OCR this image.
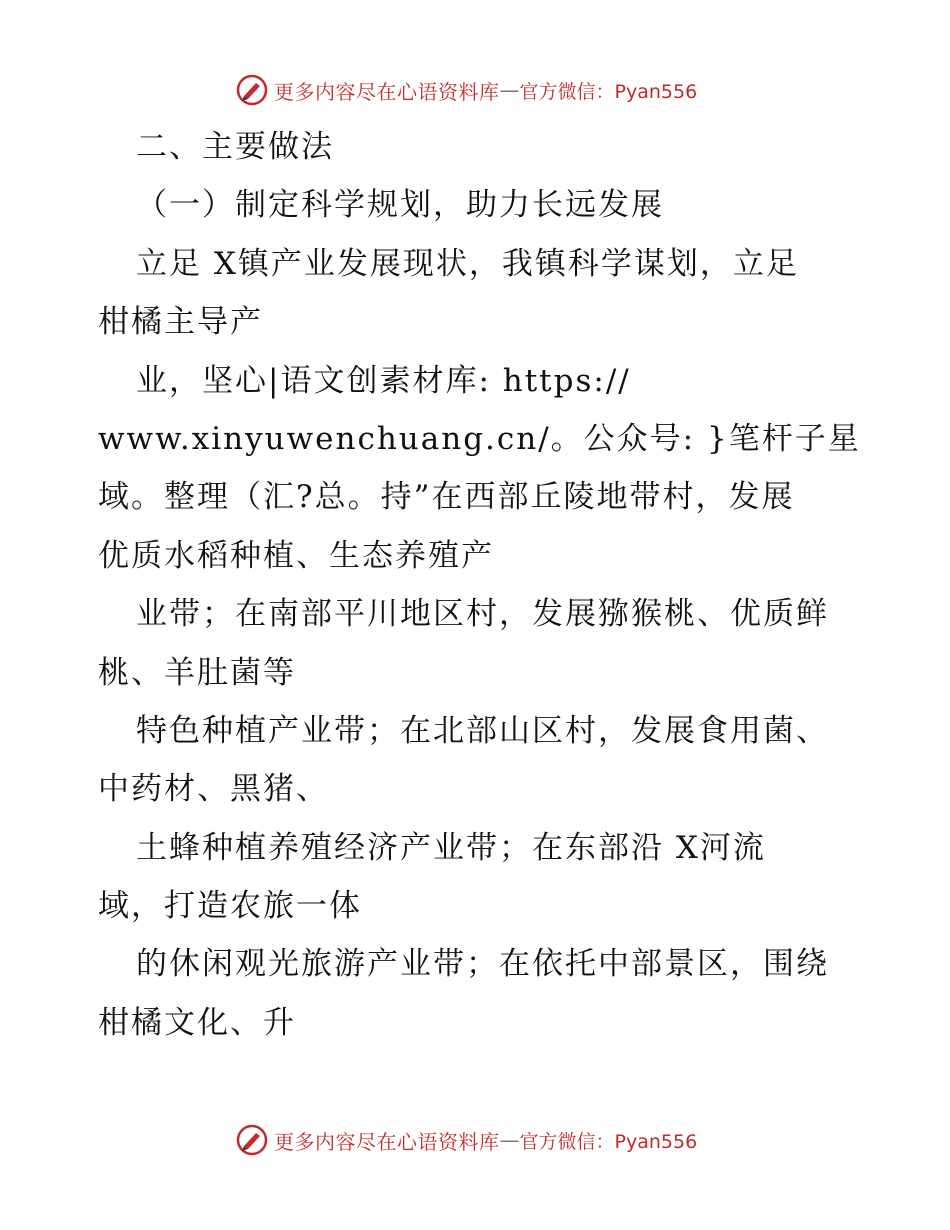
更多内容尽在心语资料库 — 官方微信：Pyan556
二、主要做法
（一）制定科学规划，助力长远发展
立足 X镇产业发展现状，我镇科学谋划，立足
柑橘主导产
业，坚心|语文创素材库: https://
www.xinyuwenchuang.cn/。公众号: }笔杆子星
域。整理（汇?总。持”在西部丘陵地带村，发展
优质水稻种植、生态养殖产
业带；在南部平川地区村，发展猕猴桃、优质鲜
桃、羊肚菌等
特色种植产业带；在北部山区村，发展食用菌、
中药材、黑猪、
土蜂种植养殖经济产业带；在东部沿 X河流
域，打造农旅一体
的休闲观光旅游产业带；在依托中部景区，围绕
柑橘文化、升
更多内容尽在心语资料库 — 官方微信：Pyan556
